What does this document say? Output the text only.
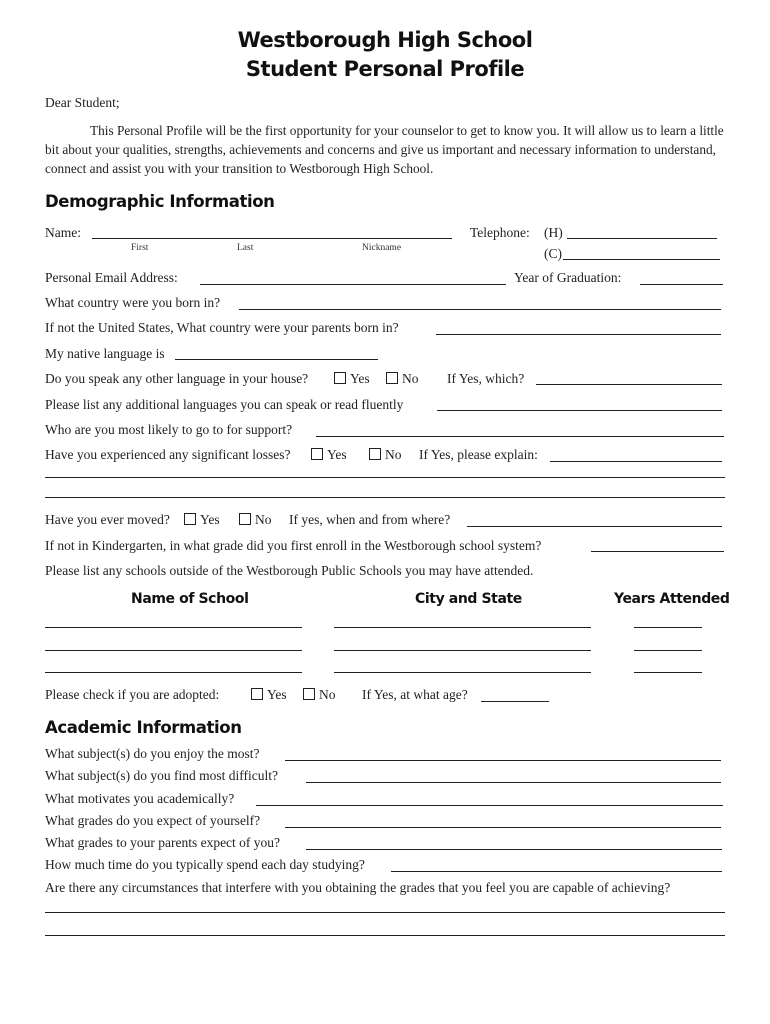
Westborough High School
Student Personal Profile
Dear Student;
This Personal Profile will be the first opportunity for your counselor to get to know you. It will allow us to learn a little bit about your qualities, strengths, achievements and concerns and give us important and necessary information to understand, connect and assist you with your transition to Westborough High School.
Demographic Information
Name:
First	Last	Nickname
Telephone: (H)
(C)
Personal Email Address:	Year of Graduation:
What country were you born in?
If not the United States, What country were your parents born in?
My native language is
Do you speak any other language in your house?	Yes	No If Yes, which?
Please list any additional languages you can speak or read fluently
Who are you most likely to go to for support?
Have you experienced any significant losses?	Yes	No If Yes, please explain:
Have you ever moved?	Yes	No If yes, when and from where?
If not in Kindergarten, in what grade did you first enroll in the Westborough school system?
Please list any schools outside of the Westborough Public Schools you may have attended.
Name of School	City and State	Years Attended
Please check if you are adopted:	Yes	No If Yes, at what age?
Academic Information
What subject(s) do you enjoy the most?
What subject(s) do you find most difficult?
What motivates you academically?
What grades do you expect of yourself?
What grades to your parents expect of you?
How much time do you typically spend each day studying?
Are there any circumstances that interfere with you obtaining the grades that you feel you are capable of achieving?
